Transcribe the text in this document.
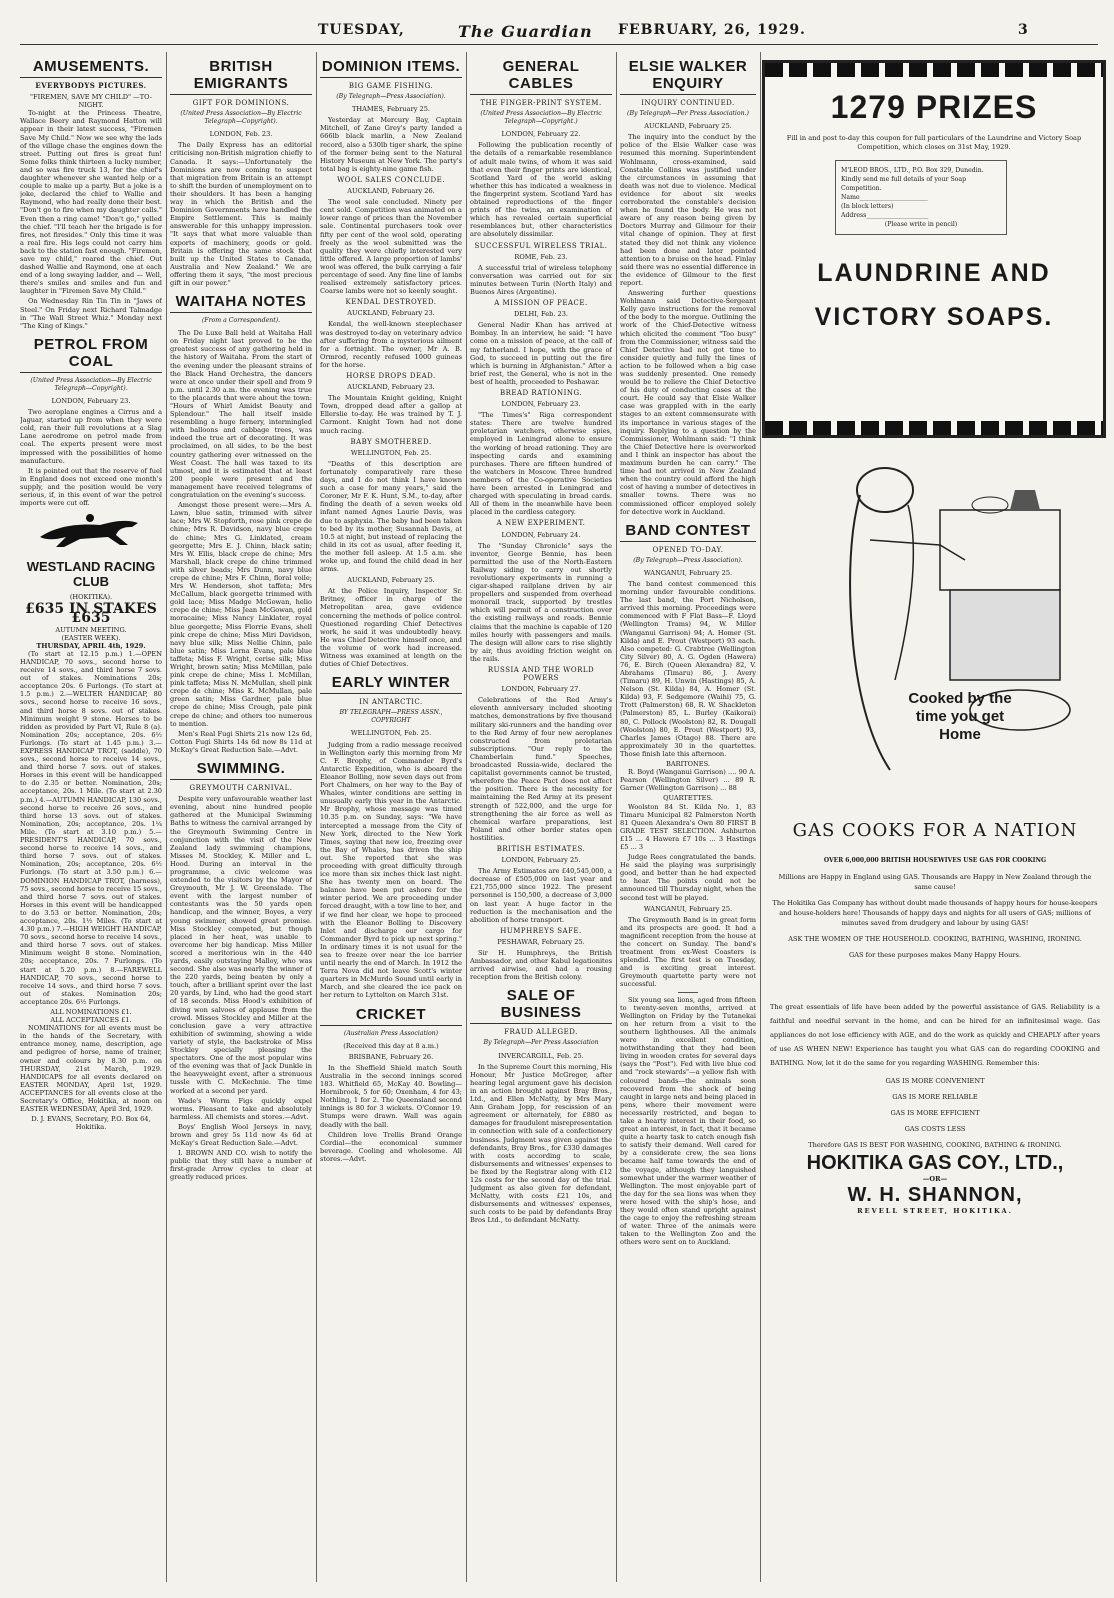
TUESDAY,	The Guardian FEBRUARY, 26, 1929.	3
AMUSEMENTS.
EVERYBODYS PICTURES.
"FIREMEN, SAVE MY CHILD" —TO-NIGHT.

To-night at the Princess Theatre, Wallace Beery and Raymond Hatton will appear in their latest success, "Firemen Save My Child." Now we see why the lads of the village chase the engines down the street. Putting out fires is great fun! Some folks think thirteen a lucky number, and so was fire truck 13, for the chief's daughter whenever she wanted help or a couple to make up a party. But a joke is a joke, declared the chief to Wallie and Raymond, who had really done their best. "Don't go to fire when my daughter calls." Even then a ring came! "Don't go," yelled the chief. "I'll teach her the brigade is for fires, not firesides." Only this time it was a real fire. His legs could not carry him back to the station fast enough. "Firemen, save my child," roared the chief. Out dashed Wallie and Raymond, one at each end of a long swaying ladder, and — Well, there's smiles and smiles and fun and laughter in "Firemen Save My Child."

On Wednesday Rin Tin Tin in "Jaws of Steel." On Friday next Richard Talmadge in "The Wall Street Whiz." Monday next "The King of Kings."

PETROL FROM COAL
(United Press Association—By Electric Telegraph—Copyright).
LONDON, February 23.

Two aeroplane engines a Cirrus and a Jaguar, started up from when they were cold, ran their full revolutions at a Slag Lane aerodrome on petrol made from coal. The experts present were most impressed with the possibilities of home manufacture.

It is pointed out that the reserve of fuel in England does not exceed one month's supply, and the position would be very serious, if, in this event of war the petrol imports were cut off.

WESTLAND RACING CLUB
(HOKITIKA).
£635 IN STAKES £635
AUTUMN MEETING.
(EASTER WEEK).
THURSDAY, APRIL 4th, 1929.

(To start at 12.15 p.m.) 1.—OPEN HANDICAP, 70 sovs., second horse to receive 14 sovs., and third horse 7 sovs. out of stakes. Nominations 20s; acceptance 20s. 6 Furlongs. (To start at 1.5 p.m.) 2.—WELTER HANDICAP, 80 sovs., second horse to receive 16 sovs., and third horse 8 sovs. out of stakes. Minimum weight 9 stone. Horses to be ridden as provided by Part VI, Rule 8 (a). Nomination 20s; acceptance, 20s. 6½ Furlongs. (To start at 1.45 p.m.) 3.—EXPRESS HANDICAP TROT, (saddle), 70 sovs., second horse to receive 14 sovs., and third horse 7 sovs. out of stakes. Horses in this event will be handicapped to do 2.35 or better. Nomination, 20s; acceptance, 20s. 1 Mile. (To start at 2.30 p.m.) 4.—AUTUMN HANDICAP, 130 sovs., second horse to receive 26 sovs., and third horse 13 sovs. out of stakes. Nomination, 20s; acceptance, 20s. 1¼ Mile. (To start at 3.10 p.m.) 5.—PRESIDENT'S HANDICAP, 70 sovs., second horse to receive 14 sovs., and third horse 7 sovs. out of stakes. Nomination, 20s; acceptance, 20s. 6½ Furlongs. (To start at 3.50 p.m.) 6.—DOMINION HANDICAP TROT, (harness), 75 sovs., second horse to receive 15 sovs., and third horse 7 sovs. out of stakes. Horses in this event will be handicapped to do 3.53 or better. Nomination, 20s; acceptance, 20s. 1½ Miles. (To start at 4.30 p.m.) 7.—HIGH WEIGHT HANDICAP, 70 sovs., second horse to receive 14 sovs., and third horse 7 sovs. out of stakes. Minimum weight 8 stone. Nomination, 20s; acceptance, 20s. 7 Furlongs. (To start at 5.20 p.m.) 8.—FAREWELL HANDICAP, 70 sovs., second horse to receive 14 sovs., and third horse 7 sovs. out of stakes. Nomination 20s; acceptance 20s. 6½ Furlongs.

ALL NOMINATIONS £1.
ALL ACCEPTANCES £1.

NOMINATIONS for all events must be in the hands of the Secretary, with entrance money, name, description, age and pedigree of horse, name of trainer, owner and colours by 8.30 p.m. on THURSDAY, 21st March, 1929. HANDICAPS for all events declared on EASTER MONDAY, April 1st, 1929. ACCEPTANCES for all events close at the Secretary's Office, Hokitika, at noon on EASTER WEDNESDAY, April 3rd, 1929.

D. J. EVANS, Secretary, P.O. Box 64, Hokitika.
BRITISH EMIGRANTS
GIFT FOR DOMINIONS.
(United Press Association—By Electric Telegraph—Copyright).
LONDON, Feb. 23.

The Daily Express has an editorial criticising non-British migration chiefly to Canada. It says:—Unfortunately the Dominions are now coming to suspect that migration from Britain is an attempt to shift the burden of unemployment on to their shoulders. It has been a hanging way in which the British and the Dominion Governments have handled the Empire Settlement. This is mainly answerable for this unhappy impression. "It says that what more valuable than exports of machinery, goods or gold. Britain is offering the same stock that built up the United States to Canada, Australia and New Zealand." We are offering them it says, "the most precious gift in our power."

WAITAHA NOTES
(From a Correspondent).

The De Luxe Ball held at Waitaha Hall on Friday night last proved to be the greatest success of any gathering held in the history of Waitaha. From the start of the evening under the pleasant strains of the Black Hand Orchestra, the dancers were at once under their spell and from 9 p.m. until 2.30 a.m. the evening was true to the placards that were about the town: "Hours of Whirl Amidst Beauty and Splendour." The hall itself inside resembling a huge fernery, intermingled with balloons and cabbage trees, was indeed the true art of decorating. It was proclaimed, on all sides, to be the best country gathering ever witnessed on the West Coast. The hall was taxed to its utmost, and it is estimated that at least 200 people were present and the management have received telegrams of congratulation on the evening's success.

Amongst those present were:—Mrs A. Lawn, blue satin, trimmed with silver lace; Mrs W. Stopforth, rose pink crepe de chine; Mrs R. Davidson, navy blue crepe de chine; Mrs G. Linklated, cream georgette; Mrs E. J. Chinn, black satin; Mrs W. Ellis, black crepe de chine; Mrs Marshall, black crepe de chine trimmed with silver beads; Mrs Dunn, navy blue crepe de chine; Mrs F. Chinn, floral voile; Mrs W. Henderson, shot taffeta; Mrs McCallum, black georgette trimmed with gold lace; Miss Madge McGowan, helio crepe de chine; Miss Jean McGowan, gold moracaine; Miss Nancy Linklater, royal blue georgette; Miss Florrie Evans, shell pink crepe de chine; Miss Miri Davidson, navy blue silk; Miss Nellie Chinn, pale blue satin; Miss Lorna Evans, pale blue taffeta; Miss F. Wright, cerise silk; Miss Wright, brown satin; Miss McMillan, pale pink crepe de chine; Miss I. McMillan, pink taffeta; Miss N. McMullan, shell pink crepe de chine; Miss K. McMullan, pale green satin; Miss Gardner, pale blue crepe de chine; Miss Crough, pale pink crepe de chine; and others too numerous to mention.

Men's Real Fugi Shirts 21s now 12s 6d, Cotton Fugi Shirts 14s 6d now 8s 11d at McKay's Great Reduction Sale.—Advt.

SWIMMING.
GREYMOUTH CARNIVAL.

Despite very unfavourable weather last evening, about nine hundred people gathered at the Municipal Swimming Baths to witness the carnival arranged by the Greymouth Swimming Centre in conjunction with the visit of the New Zealand lady swimming champions, Misses M. Stockley, K. Miller and L. Hood. During an interval in the programme, a civic welcome was extended to the visitors by the Mayor of Greymouth, Mr J. W. Greenslade. The event with the largest number of contestants was the 50 yards open handicap, and the winner, Boyes, a very young swimmer, showed great promise. Miss Stockley competed, but though placed in her heat, was unable to overcome her big handicap. Miss Miller scored a meritorious win in the 440 yards, easily outstaying Malloy, who was second. She also was nearly the winner of the 220 yards, being beaten by only a touch, after a brilliant sprint over the last 20 yards, by Lind, who had the good start of 18 seconds. Miss Hood's exhibition of diving won salvoes of applause from the crowd. Misses Stockley and Miller at the conclusion gave a very attractive exhibition of swimming, showing a wide variety of style, the backstroke of Miss Stockley specially pleasing the spectators. One of the most popular wins of the evening was that of Jack Dunkle in the heavyweight event, after a strenuous tussle with C. McKechnie. The time worked at a second per yard.

Wade's Worm Figs quickly expel worms. Pleasant to take and absolutely harmless. All chemists and stores.—Advt.

Boys' English Wool Jerseys in navy, brown and grey 5s 11d now 4s 6d at McKay's Great Reduction Sale.—Advt.

I. BROWN AND CO. wish to notify the public that they still have a number of first-grade Arrow cycles to clear at greatly reduced prices.

DOMINION ITEMS.
BIG GAME FISHING.
(By Telegraph—Press Association).
THAMES, February 25.

Yesterday at Mercury Bay, Captain Mitchell, of Zane Grey's party landed a 666lb black marlin, a New Zealand record, also a 530lb tiger shark, the spine of the former being sent to the Natural History Museum at New York. The party's total bag is eighty-nine game fish.

WOOL SALES CONCLUDE.
AUCKLAND, February 26.

The wool sale concluded. Ninety per cent sold. Competition was animated on a lower range of prices than the November sale. Continental purchasers took over fifty per cent of the wool sold, operating freely as the wool submitted was the quality they were chiefly interested very little offered. A large proportion of lambs' wool was offered, the bulk carrying a fair percentage of seed. Any fine line of lambs realised extremely satisfactory prices. Coarse lambs were not so keenly sought.

KENDAL DESTROYED.
AUCKLAND, February 23.

Kendal, the well-known steeplechaser was destroyed to-day on veterinary advice after suffering from a mysterious ailment for a fortnight. The owner, Mr A. B. Ormrod, recently refused 1000 guineas for the horse.

HORSE DROPS DEAD.
AUCKLAND, February 23.

The Mountain Knight gelding, Knight Town, dropped dead after a gallop at Ellerslie to-day. He was trained by T. J. Carmont. Knight Town had not done much racing.

BABY SMOTHERED.
WELLINGTON, Feb. 25.

"Deaths of this description are fortunately comparatively rare these days, and I do not think I have known such a case for many years," said the Coroner, Mr F. K. Hunt, S.M., to-day, after finding the death of a seven weeks old infant named Agnes Laurie Davis, was due to asphyxia. The baby had been taken to bed by its mother, Susannah Davis, at 10.5 at night, but instead of replacing the child in its cot as usual, after feeding it, the mother fell asleep. At 1.5 a.m. she woke up, and found the child dead in her arms.

AUCKLAND, February 25.

At the Police Inquiry, Inspector Sr. Britney, officer in charge of the Metropolitan area, gave evidence concerning the methods of police control. Questioned regarding Chief Detectives work, he said it was undoubtedly heavy. He was Chief Detective himself once, and the volume of work had increased. Witness was examined at length on the duties of Chief Detectives.

EARLY WINTER
IN ANTARCTIC.
BY TELEGRAPH—PRESS ASSN., COPYRIGHT
WELLINGTON, Feb. 25.

Judging from a radio message received in Wellington early this morning from Mr C. F. Brophy, of Commander Byrd's Antarctic Expedition, who is aboard the Eleanor Bolling, now seven days out from Port Chalmers, on her way to the Bay of Whales, winter conditions are setting in unusually early this year in the Antarctic. Mr Brophy, whose message was timed 10.35 p.m. on Sunday, says: "We have intercepted a message from the City of New York, directed to the New York Times, saying that new ice, freezing over the Bay of Whales, has driven the ship out. She reported that she was proceeding with great difficulty through ice more than six inches thick last night. She has twenty men on board. The balance have been put ashore for the winter period. We are proceeding under forced draught, with a tow line to her, and if we find her clear, we hope to proceed with the Eleanor Bolling to Discovery Inlet and discharge our cargo for Commander Byrd to pick up next spring." In ordinary times it is not usual for the sea to freeze over near the ice barrier until nearly the end of March. In 1912 the Terra Nova did not leave Scott's winter quarters in McMurdo Sound until early in March, and she cleared the ice pack on her return to Lyttelton on March 31st.

CRICKET
(Australian Press Association)
(Received this day at 8 a.m.)
BRISBANE, February 26.

In the Sheffield Shield match South Australia in the second innings scored 183. Whitfield 65, McKay 40. Bowling—Hornibrook, 5 for 60; Oxenham, 4 for 43; Nothling, 1 for 2. The Queensland second innings is 80 for 3 wickets. O'Connor 19. Stumps were drawn. Wall was again deadly with the ball.

Children love Trellis Brand Orange Cordial—the economical summer beverage. Cooling and wholesome. All stores.—Advt.

GENERAL CABLES
THE FINGER-PRINT SYSTEM.
(United Press Association—By Electric Telegraph—Copyright.)
LONDON, February 22.

Following the publication recently of the details of a remarkable resemblance of adult male twins, of whom it was said that even their finger prints are identical, Scotland Yard of the world asking whether this has indicated a weakness in the fingerprint system. Scotland Yard has obtained reproductions of the finger prints of the twins, an examination of which has revealed certain superficial resemblances but, other characteristics are absolutely dissimilar.

SUCCESSFUL WIRELESS TRIAL.
ROME, Feb. 23.

A successful trial of wireless telephony conversation was carried out for six minutes between Turin (North Italy) and Buenos Aires (Argentine).

A MISSION OF PEACE.
DELHI, Feb. 23.

General Nadir Khan has arrived at Bombay. In an interview, he said: "I have come on a mission of peace, at the call of my fatherland. I hope, with the grace of God, to succeed in putting out the fire which is burning in Afghanistan." After a brief rest, the General, who is not in the best of health, proceeded to Peshawar.

BREAD RATIONING.
LONDON, February 23.

"The Times's" Riga correspondent states: There are twelve hundred proletarian watchers, otherwise spies, employed in Leningrad alone to ensure the working of bread rationing. They are inspecting cards and examining purchases. There are fifteen hundred of the watchers in Moscow. Three hundred members of the Co-operative Societies have been arrested in Leningrad and charged with speculating in bread cards. All of them in the meanwhile have been placed in the cardless category.

A NEW EXPERIMENT.
LONDON, February 24.

The "Sunday Chronicle" says the inventor, George Bennie, has been permitted the use of the North-Eastern Railway siding to carry out shortly revolutionary experiments in running a cigar-shaped railplane driven by air propellers and suspended from overhead monorail track, supported by trestles which will permit of a construction over the existing railways and roads. Bennie claims that the machine is capable of 120 miles hourly with passengers and mails. The design will allow cars to rise slightly by air, thus avoiding friction weight on the rails.

RUSSIA AND THE WORLD POWERS
LONDON, February 27.

Celebrations of the Red Army's eleventh anniversary included shooting matches, demonstrations by five thousand military ski-runners and the handing over to the Red Army of four new aeroplanes constructed from proletarian subscriptions. "Our reply to the Chamberlain fund." Speeches, broadcasted Russia-wide, declared the capitalist governments cannot be trusted, wherefore the Peace Pact does not affect the position. There is the necessity for maintaining the Red Army at its present strength of 522,000, and the urge for strengthening the air force as well as chemical warfare preparations, lest Poland and other border states open hostilities.

BRITISH ESTIMATES.
LONDON, February 25.

The Army Estimates are £40,545,000, a decrease of £505,000 on last year and £21,755,000 since 1922. The present personnel is 150,500, a decrease of 3,000 on last year. A huge factor in the reduction is the mechanisation and the abolition of horse transport.

HUMPHREYS SAFE.
PESHAWAR, February 25.

Sir H. Humphreys, the British Ambassador, and other Kabul legationites arrived airwise, and had a rousing reception from the British colony.

SALE OF BUSINESS
FRAUD ALLEGED.
By Telegraph—Per Press Association
INVERCARGILL, Feb. 25.

In the Supreme Court this morning, His Honour, Mr Justice McGregor, after hearing legal argument gave his decision in an action brought against Bray Bros., Ltd., and Ellen McNatty, by Mrs Mary Ann Graham Jopp, for rescission of an agreement or alternately, for £880 as damages for fraudulent misrepresentation in connection with sale of a confectionery business. Judgment was given against the defendants, Bray Bros., for £330 damages with costs according to scale, disbursements and witnesses' expenses to be fixed by the Registrar along with £12 12s costs for the second day of the trial. Judgment as also given for defendant, McNatty, with costs £21 10s, and disbursements and witnesses' expenses, such costs to be paid by defendants Bray Bros Ltd., to defendant McNatty.

ELSIE WALKER ENQUIRY
INQUIRY CONTINUED.
(By Telegraph—Per Press Association.)
AUCKLAND, February 25.

The inquiry into the conduct by the police of the Elsie Walker case was resumed this morning. Superintendent Wohlmann, cross-examined, said Constable Collins was justified under the circumstances in assuming that death was not due to violence. Medical evidence for about six weeks corroborated the constable's decision when he found the body. He was not aware of any reason being given by Doctors Murray and Gilmour for their vital change of opinion. They at first stated they did not think any violence had been done and later pointed attention to a bruise on the head. Finlay said there was no essential difference in the evidence of Gilmour to the first report.

Answering further questions Wohlmann said Detective-Sergeant Kelly gave instructions for the removal of the body to the morgue. Outlining the work of the Chief-Detective witness which elicited the comment "Too busy" from the Commissioner, witness said the Chief Detective had not got time to consider quietly and fully the lines of action to be followed when a big case was suddenly presented. One remedy would be to relieve the Chief Detective of his duty of conducting cases at the court. He could say that Elsie Walker case was grappled with in the early stages to an extent commensurate with its importance in various stages of the inquiry. Replying to a question by the Commissioner, Wohlmann said: "I think the Chief Detective here is overworked and I think an inspector has about the maximum burden he can carry." The time had not arrived in New Zealand when the country could afford the high cost of having a number of detectives in smaller towns. There was no commissioned officer employed solely for detective work in Auckland.

BAND CONTEST
OPENED TO-DAY.
(By Telegraph—Press Association).
WANGANUI, February 25.

The band contest commenced this morning under favourable conditions. The last band, the Port Nicholson, arrived this morning. Proceedings were commenced with F Flat Bass—F. Lloyd (Wellington Trams) 94, W. Miller (Wanganui Garrison) 94; A. Homer (St. Kilda) and E. Prout (Westport) 93 each. Also competed: G. Crabtree (Wellington City Silver) 80, A. G. Ogden (Hawera) 76, E. Birch (Queen Alexandra) 82, V. Abrahams (Timaru) 86, J. Avery (Timaru) 89, H. Unwin (Hastings) 85, A. Nelson (St. Kilda) 84, A. Homer (St. Kilda) 93, F. Sedgemore (Waihi) 75, G. Trott (Palmerston) 68, R. W. Shackleton (Palmerston) 85, L. Burley (Kaikorai) 80, C. Pollock (Woolston) 82, R. Dougall (Woolston) 80, E. Prout (Westport) 93, Charles James (Otago) 88. There are approximately 30 in the quartettes. Those finish late this afternoon.

BARITONES.

R. Boyd (Wanganui Garrison) .... 90 A. Pearson (Wellington Silver) ... 89 R. Garner (Wellington Garrison) ... 88

QUARTETTES.

Woolston 84 St. Kilda No. 1, 83 Timaru Municipal 82 Palmerston North 81 Queen Alexandra's Own 80 FIRST B GRADE TEST SELECTION. Ashburton £15 ... 4 Hawera £7 10s ... 3 Hastings £5 ... 3

Judge Rees congratulated the bands. He said the playing was surprisingly good, and better than he had expected to hear. The points could not be announced till Thursday night, when the second test will be played.

WANGANUI, February 25.

The Greymouth Band is in great form and its prospects are good. It had a magnificent reception from the house at the concert on Sunday. The band's treatment from ex-West Coasters is splendid. The first test is on Tuesday, and is exciting great interest. Greymouth quartette party were not successful.

Six young sea lions, aged from fifteen to twenty-seven months, arrived at Wellington on Friday by the Tutanekai on her return from a visit to the southern lighthouses. All the animals were in excellent condition, notwithstanding that they had been living in wooden crates for several days (says the "Post"). Fed with live blue cod and "rock stewards"—a yellow fish with coloured bands—the animals soon recovered from the shock of being caught in large nets and being placed in pens, where their movement were necessarily restricted, and began to take a hearty interest in their food, so great an interest, in fact, that it became quite a hearty task to catch enough fish to satisfy their demand. Well cared for by a considerate crew, the sea lions became half tame towards the end of the voyage, although they languished somewhat under the warmer weather of Wellington. The most enjoyable part of the day for the sea lions was when they were hosed with the ship's hose, and they would often stand upright against the cage to enjoy the refreshing stream of water. Three of the animals were taken to the Wellington Zoo and the others were sent on to Auckland.

1279 PRIZES
Fill in and post to-day this coupon for full particulars of the Laundrine and Victory Soap Competition, which closes on 31st May, 1929.
M'LEOD BROS., LTD., P.O. Box 329, Dunedin.
Kindly send me full details of your Soap Competition.
Name______________________
(In block letters)
Address____________________
(Please write in pencil)
LAUNDRINE AND
VICTORY SOAPS.
Cooked by the time you get Home
GAS COOKS FOR A NATION
OVER 6,000,000 BRITISH HOUSEWIVES USE GAS FOR COOKING
Millions are Happy in England using GAS. Thousands are Happy in New Zealand through the same cause!
The Hokitika Gas Company has without doubt made thousands of happy hours for house-keepers and house-holders here! Thousands of happy days and nights for all users of GAS; millions of minutes saved from drudgery and labour by using GAS!
ASK THE WOMEN OF THE HOUSEHOLD. COOKING, BATHING, WASHING, IRONING.
GAS for these purposes makes Many Happy Hours.
The great essentials of life have been added by the powerful assistance of GAS. Reliability is a faithful and needful servant in the home, and can be hired for an infinitesimal wage. Gas appliances do not lose efficiency with AGE, and do the work as quickly and CHEAPLY after years of use AS WHEN NEW! Experience has taught you what GAS can do regarding COOKING and BATHING. Now, let it do the same for you regarding WASHING. Remember this:
GAS IS MORE CONVENIENT
GAS IS MORE RELIABLE
GAS IS MORE EFFICIENT
GAS COSTS LESS
Therefore GAS IS BEST FOR WASHING, COOKING, BATHING & IRONING.
HOKITIKA GAS COY., LTD.,
—OR—
W. H. SHANNON,
REVELL STREET, HOKITIKA.
